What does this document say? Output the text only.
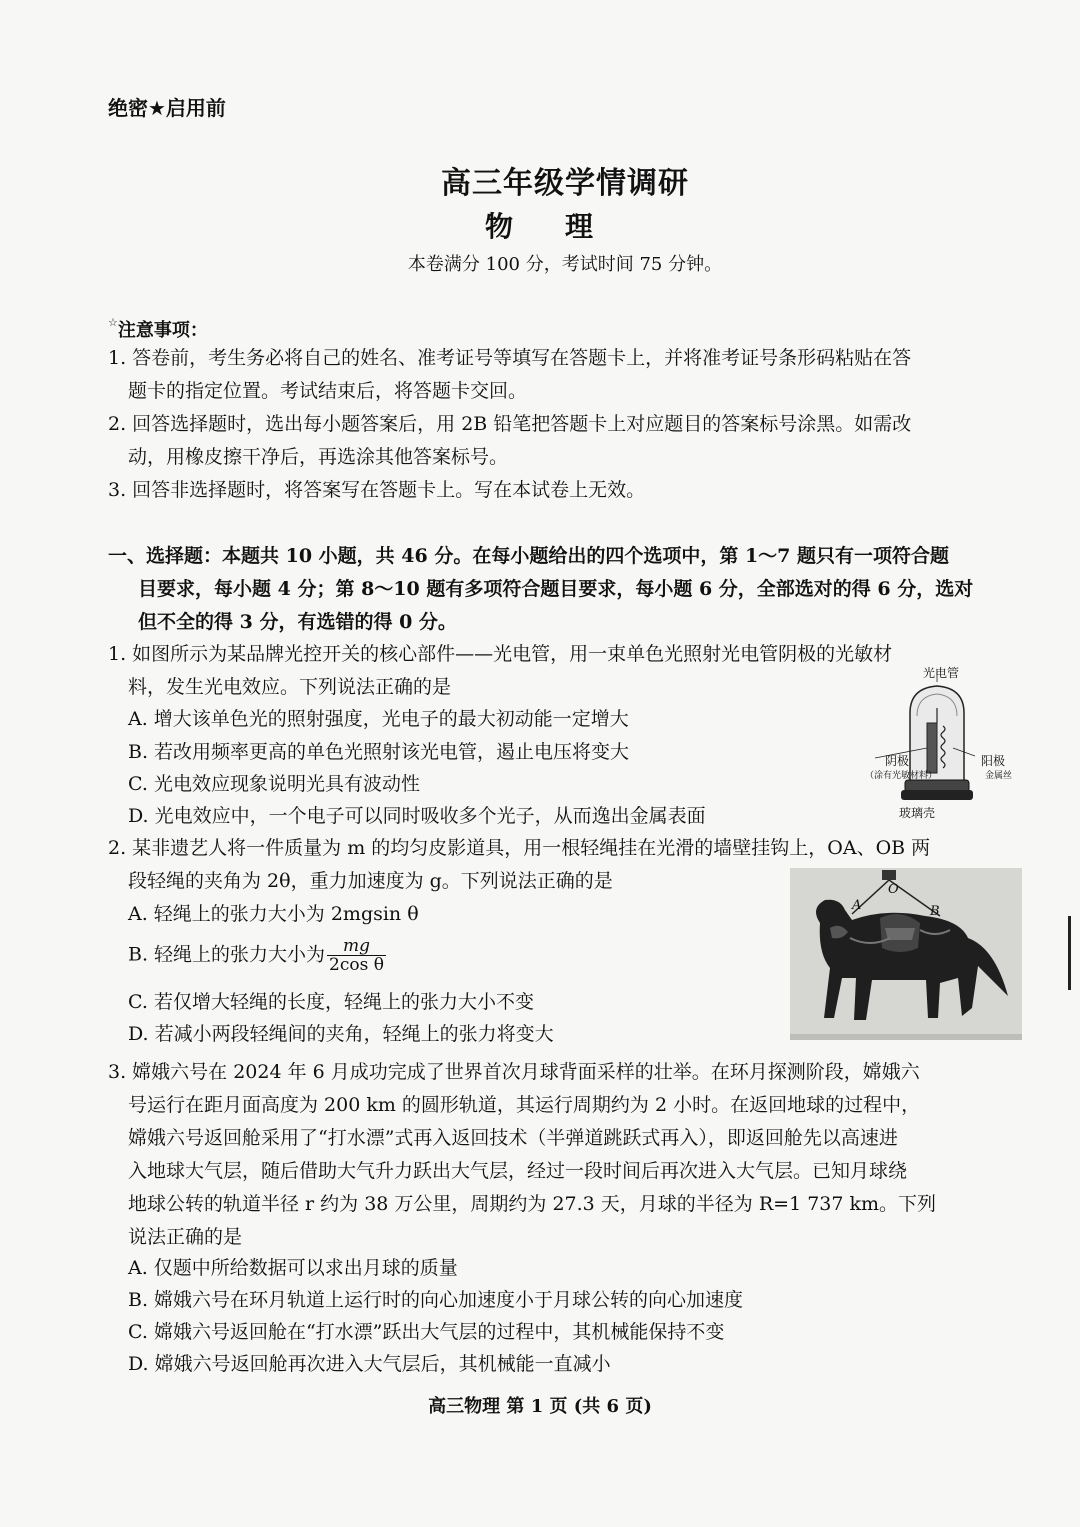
绝密★启用前
高三年级学情调研
物理
本卷满分 100 分，考试时间 75 分钟。
☆注意事项：
1. 答卷前，考生务必将自己的姓名、准考证号等填写在答题卡上，并将准考证号条形码粘贴在答
题卡的指定位置。考试结束后，将答题卡交回。
2. 回答选择题时，选出每小题答案后，用 2B 铅笔把答题卡上对应题目的答案标号涂黑。如需改
动，用橡皮擦干净后，再选涂其他答案标号。
3. 回答非选择题时，将答案写在答题卡上。写在本试卷上无效。
一、选择题：本题共 10 小题，共 46 分。在每小题给出的四个选项中，第 1～7 题只有一项符合题
目要求，每小题 4 分；第 8～10 题有多项符合题目要求，每小题 6 分，全部选对的得 6 分，选对
但不全的得 3 分，有选错的得 0 分。
1. 如图所示为某品牌光控开关的核心部件——光电管，用一束单色光照射光电管阴极的光敏材
料，发生光电效应。下列说法正确的是
A. 增大该单色光的照射强度，光电子的最大初动能一定增大
B. 若改用频率更高的单色光照射该光电管，遏止电压将变大
C. 光电效应现象说明光具有波动性
D. 光电效应中，一个电子可以同时吸收多个光子，从而逸出金属表面
光电管
阴极
（涂有光敏材料）
阳极
金属丝
玻璃壳
2. 某非遗艺人将一件质量为 m 的均匀皮影道具，用一根轻绳挂在光滑的墙壁挂钩上，OA、OB 两
段轻绳的夹角为 2θ，重力加速度为 g。下列说法正确的是
A. 轻绳上的张力大小为 2mgsin θ
B. 轻绳上的张力大小为 $\frac{mg}{\text{2cos θ}}$
C. 若仅增大轻绳的长度，轻绳上的张力大小不变
D. 若减小两段轻绳间的夹角，轻绳上的张力将变大
O
A	B
3. 嫦娥六号在 2024 年 6 月成功完成了世界首次月球背面采样的壮举。在环月探测阶段，嫦娥六
号运行在距月面高度为 200 km 的圆形轨道，其运行周期约为 2 小时。在返回地球的过程中，
嫦娥六号返回舱采用了“打水漂”式再入返回技术（半弹道跳跃式再入），即返回舱先以高速进
入地球大气层，随后借助大气升力跃出大气层，经过一段时间后再次进入大气层。已知月球绕
地球公转的轨道半径 r 约为 38 万公里，周期约为 27.3 天，月球的半径为 R=1 737 km。下列
说法正确的是
A. 仅题中所给数据可以求出月球的质量
B. 嫦娥六号在环月轨道上运行时的向心加速度小于月球公转的向心加速度
C. 嫦娥六号返回舱在“打水漂”跃出大气层的过程中，其机械能保持不变
D. 嫦娥六号返回舱再次进入大气层后，其机械能一直减小
高三物理 第 1 页 (共 6 页)
